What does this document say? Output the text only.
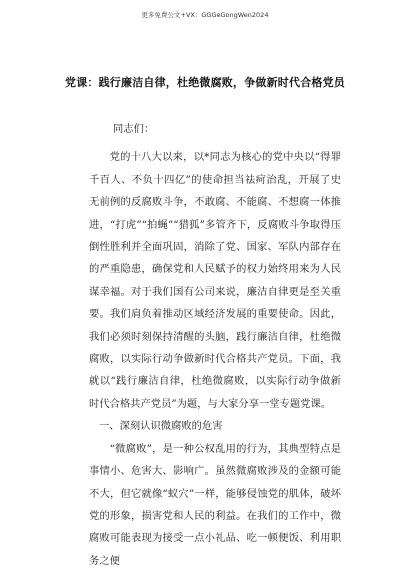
更多免费公文+VX：GGGeGongWen2024
党课：践行廉洁自律，杜绝微腐败，争做新时代合格党员
同志们：

党的十八大以来，以*同志为核心的党中央以“得罪千百人、不负十四亿”的使命担当祛疴治乱，开展了史无前例的反腐败斗争，不敢腐、不能腐、不想腐一体推进，“打虎”“拍蝇”“猎狐”多管齐下，反腐败斗争取得压倒性胜利并全面巩固，消除了党、国家、军队内部存在的严重隐患，确保党和人民赋予的权力始终用来为人民谋幸福。对于我们国有公司来说，廉洁自律更是至关重要。我们肩负着推动区域经济发展的重要使命。因此，我们必须时刻保持清醒的头脑，践行廉洁自律，杜绝微腐败，以实际行动争做新时代合格共产党员。下面，我就以“践行廉洁自律，杜绝微腐败，以实际行动争做新时代合格共产党员”为题，与大家分享一堂专题党课。

一、深刻认识微腐败的危害

“微腐败”，是一种公权乱用的行为，其典型特点是事情小、危害大、影响广。虽然微腐败涉及的金额可能不大，但它就像“蚁穴”一样，能够侵蚀党的肌体，破坏党的形象，损害党和人民的利益。在我们的工作中，微腐败可能表现为接受一点小礼品、吃一顿便饭、利用职务之便
